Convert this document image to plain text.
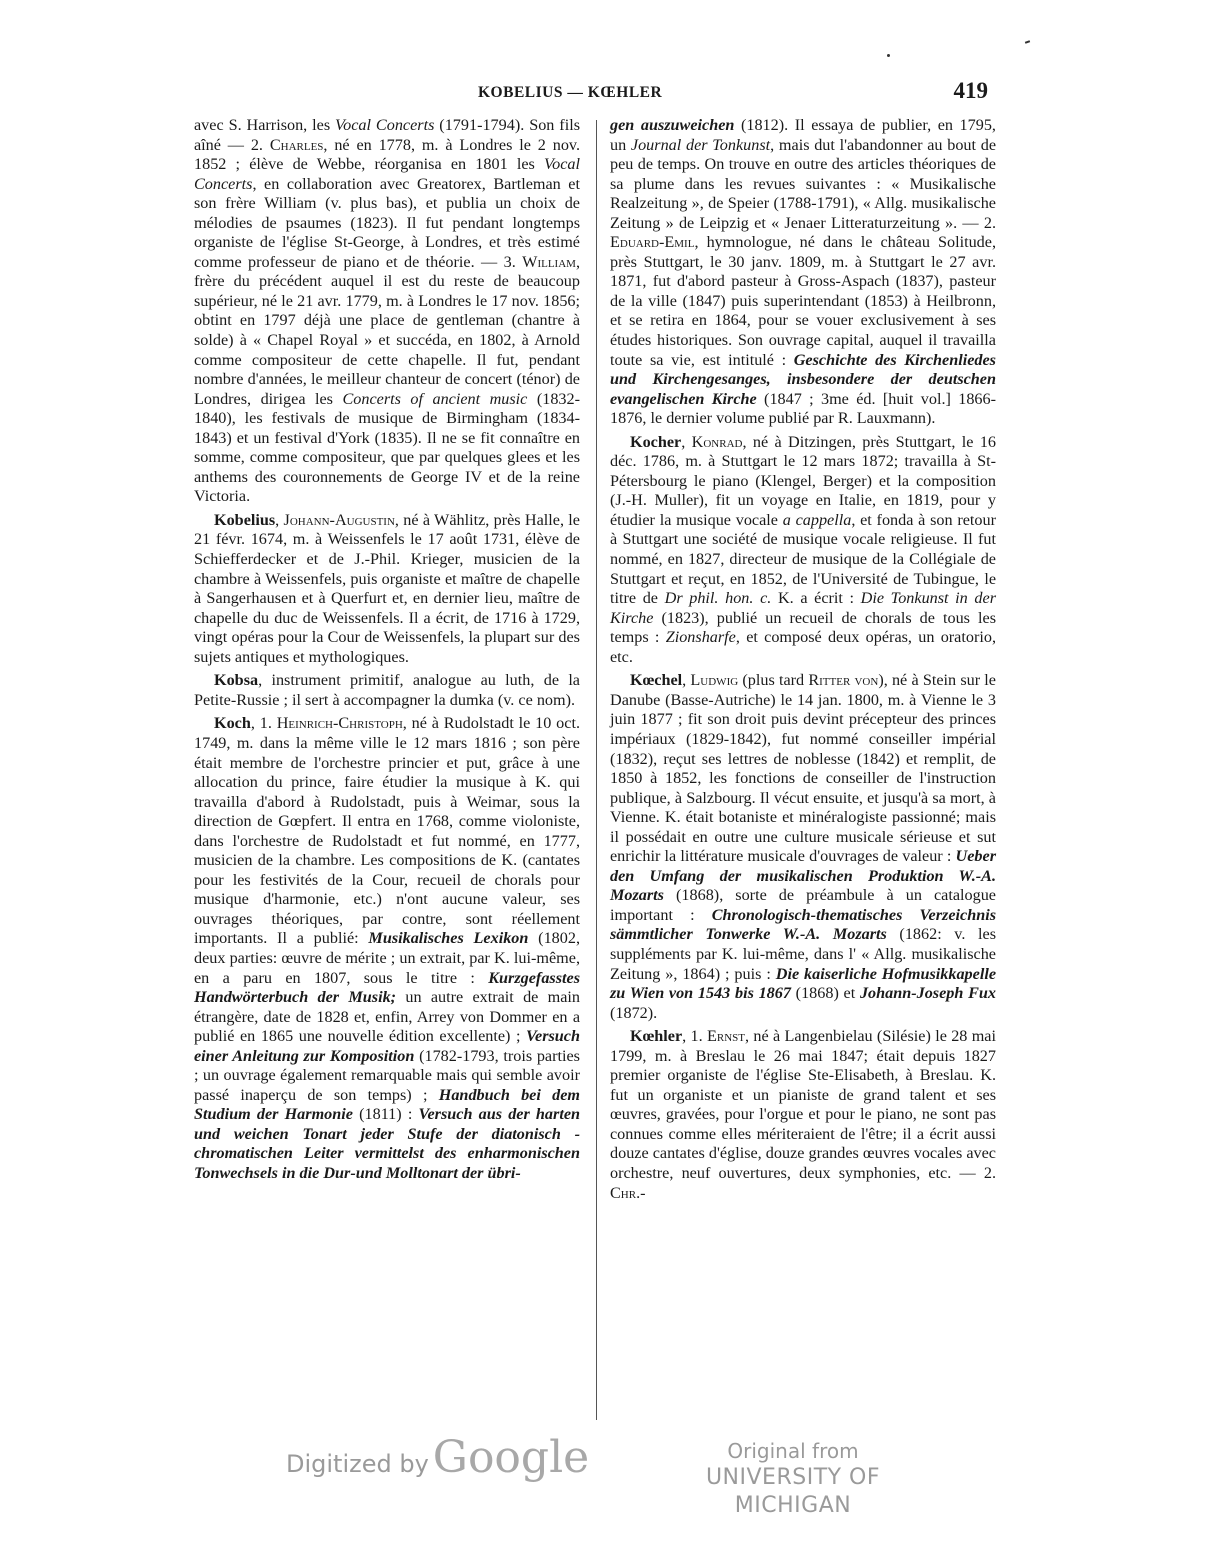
KOBELIUS — KŒHLER	419

avec S. Harrison, les Vocal Concerts (1791-1794). Son fils aîné — 2. Charles, né en 1778, m. à Londres le 2 nov. 1852 ; élève de Webbe, réorganisa en 1801 les Vocal Concerts, en collaboration avec Greatorex, Bartleman et son frère William (v. plus bas), et publia un choix de mélodies de psaumes (1823). Il fut pendant longtemps organiste de l'église St-George, à Londres, et très estimé comme professeur de piano et de théorie. — 3. William, frère du précédent auquel il est du reste de beaucoup supérieur, né le 21 avr. 1779, m. à Londres le 17 nov. 1856; obtint en 1797 déjà une place de gentleman (chantre à solde) à « Chapel Royal » et succéda, en 1802, à Arnold comme compositeur de cette chapelle. Il fut, pendant nombre d'années, le meilleur chanteur de concert (ténor) de Londres, dirigea les Concerts of ancient music (1832-1840), les festivals de musique de Birmingham (1834-1843) et un festival d'York (1835). Il ne se fit connaître en somme, comme compositeur, que par quelques glees et les anthems des couronnements de George IV et de la reine Victoria.

Kobelius, Johann-Augustin, né à Wählitz, près Halle, le 21 févr. 1674, m. à Weissenfels le 17 août 1731, élève de Schiefferdecker et de J.-Phil. Krieger, musicien de la chambre à Weissenfels, puis organiste et maître de chapelle à Sangerhausen et à Querfurt et, en dernier lieu, maître de chapelle du duc de Weissenfels. Il a écrit, de 1716 à 1729, vingt opéras pour la Cour de Weissenfels, la plupart sur des sujets antiques et mythologiques.

Kobsa, instrument primitif, analogue au luth, de la Petite-Russie ; il sert à accompagner la dumka (v. ce nom).

Koch, 1. Heinrich-Christoph, né à Rudolstadt le 10 oct. 1749, m. dans la même ville le 12 mars 1816 ; son père était membre de l'orchestre princier et put, grâce à une allocation du prince, faire étudier la musique à K. qui travailla d'abord à Rudolstadt, puis à Weimar, sous la direction de Gœpfert. Il entra en 1768, comme violoniste, dans l'orchestre de Rudolstadt et fut nommé, en 1777, musicien de la chambre. Les compositions de K. (cantates pour les festivités de la Cour, recueil de chorals pour musique d'harmonie, etc.) n'ont aucune valeur, ses ouvrages théoriques, par contre, sont réellement importants. Il a publié: Musikalisches Lexikon (1802, deux parties: œuvre de mérite ; un extrait, par K. lui-même, en a paru en 1807, sous le titre : Kurzgefasstes Handwörterbuch der Musik; un autre extrait de main étrangère, date de 1828 et, enfin, Arrey von Dommer en a publié en 1865 une nouvelle édition excellente) ; Versuch einer Anleitung zur Komposition (1782-1793, trois parties ; un ouvrage également remarquable mais qui semble avoir passé inaperçu de son temps) ; Handbuch bei dem Studium der Harmonie (1811) : Versuch aus der harten und weichen Tonart jeder Stufe der diatonisch - chromatischen Leiter vermittelst des enharmonischen Tonwechsels in die Dur-und Molltonart der übri-

gen auszuweichen (1812). Il essaya de publier, en 1795, un Journal der Tonkunst, mais dut l'abandonner au bout de peu de temps. On trouve en outre des articles théoriques de sa plume dans les revues suivantes : « Musikalische Realzeitung », de Speier (1788-1791), « Allg. musikalische Zeitung » de Leipzig et « Jenaer Litteraturzeitung ». — 2. Eduard-Emil, hymnologue, né dans le château Solitude, près Stuttgart, le 30 janv. 1809, m. à Stuttgart le 27 avr. 1871, fut d'abord pasteur à Gross-Aspach (1837), pasteur de la ville (1847) puis superintendant (1853) à Heilbronn, et se retira en 1864, pour se vouer exclusivement à ses études historiques. Son ouvrage capital, auquel il travailla toute sa vie, est intitulé : Geschichte des Kirchenliedes und Kirchengesanges, insbesondere der deutschen evangelischen Kirche (1847 ; 3me éd. [huit vol.] 1866-1876, le dernier volume publié par R. Lauxmann).

Kocher, Konrad, né à Ditzingen, près Stuttgart, le 16 déc. 1786, m. à Stuttgart le 12 mars 1872; travailla à St-Pétersbourg le piano (Klengel, Berger) et la composition (J.-H. Muller), fit un voyage en Italie, en 1819, pour y étudier la musique vocale a cappella, et fonda à son retour à Stuttgart une société de musique vocale religieuse. Il fut nommé, en 1827, directeur de musique de la Collégiale de Stuttgart et reçut, en 1852, de l'Université de Tubingue, le titre de Dr phil. hon. c. K. a écrit : Die Tonkunst in der Kirche (1823), publié un recueil de chorals de tous les temps : Zionsharfe, et composé deux opéras, un oratorio, etc.

Kœchel, Ludwig (plus tard Ritter von), né à Stein sur le Danube (Basse-Autriche) le 14 jan. 1800, m. à Vienne le 3 juin 1877 ; fit son droit puis devint précepteur des princes impériaux (1829-1842), fut nommé conseiller impérial (1832), reçut ses lettres de noblesse (1842) et remplit, de 1850 à 1852, les fonctions de conseiller de l'instruction publique, à Salzbourg. Il vécut ensuite, et jusqu'à sa mort, à Vienne. K. était botaniste et minéralogiste passionné; mais il possédait en outre une culture musicale sérieuse et sut enrichir la littérature musicale d'ouvrages de valeur : Ueber den Umfang der musikalischen Produktion W.-A. Mozarts (1868), sorte de préambule à un catalogue important : Chronologisch-thematisches Verzeichnis sämmtlicher Tonwerke W.-A. Mozarts (1862: v. les suppléments par K. lui-même, dans l' « Allg. musikalische Zeitung », 1864) ; puis : Die kaiserliche Hofmusikkapelle zu Wien von 1543 bis 1867 (1868) et Johann-Joseph Fux (1872).

Kœhler, 1. Ernst, né à Langenbielau (Silésie) le 28 mai 1799, m. à Breslau le 26 mai 1847; était depuis 1827 premier organiste de l'église Ste-Elisabeth, à Breslau. K. fut un organiste et un pianiste de grand talent et ses œuvres, gravées, pour l'orgue et pour le piano, ne sont pas connues comme elles mériteraient de l'être; il a écrit aussi douze cantates d'église, douze grandes œuvres vocales avec orchestre, neuf ouvertures, deux symphonies, etc. — 2. Chr.-

Digitized byGoogle	Original from
UNIVERSITY OF MICHIGAN
